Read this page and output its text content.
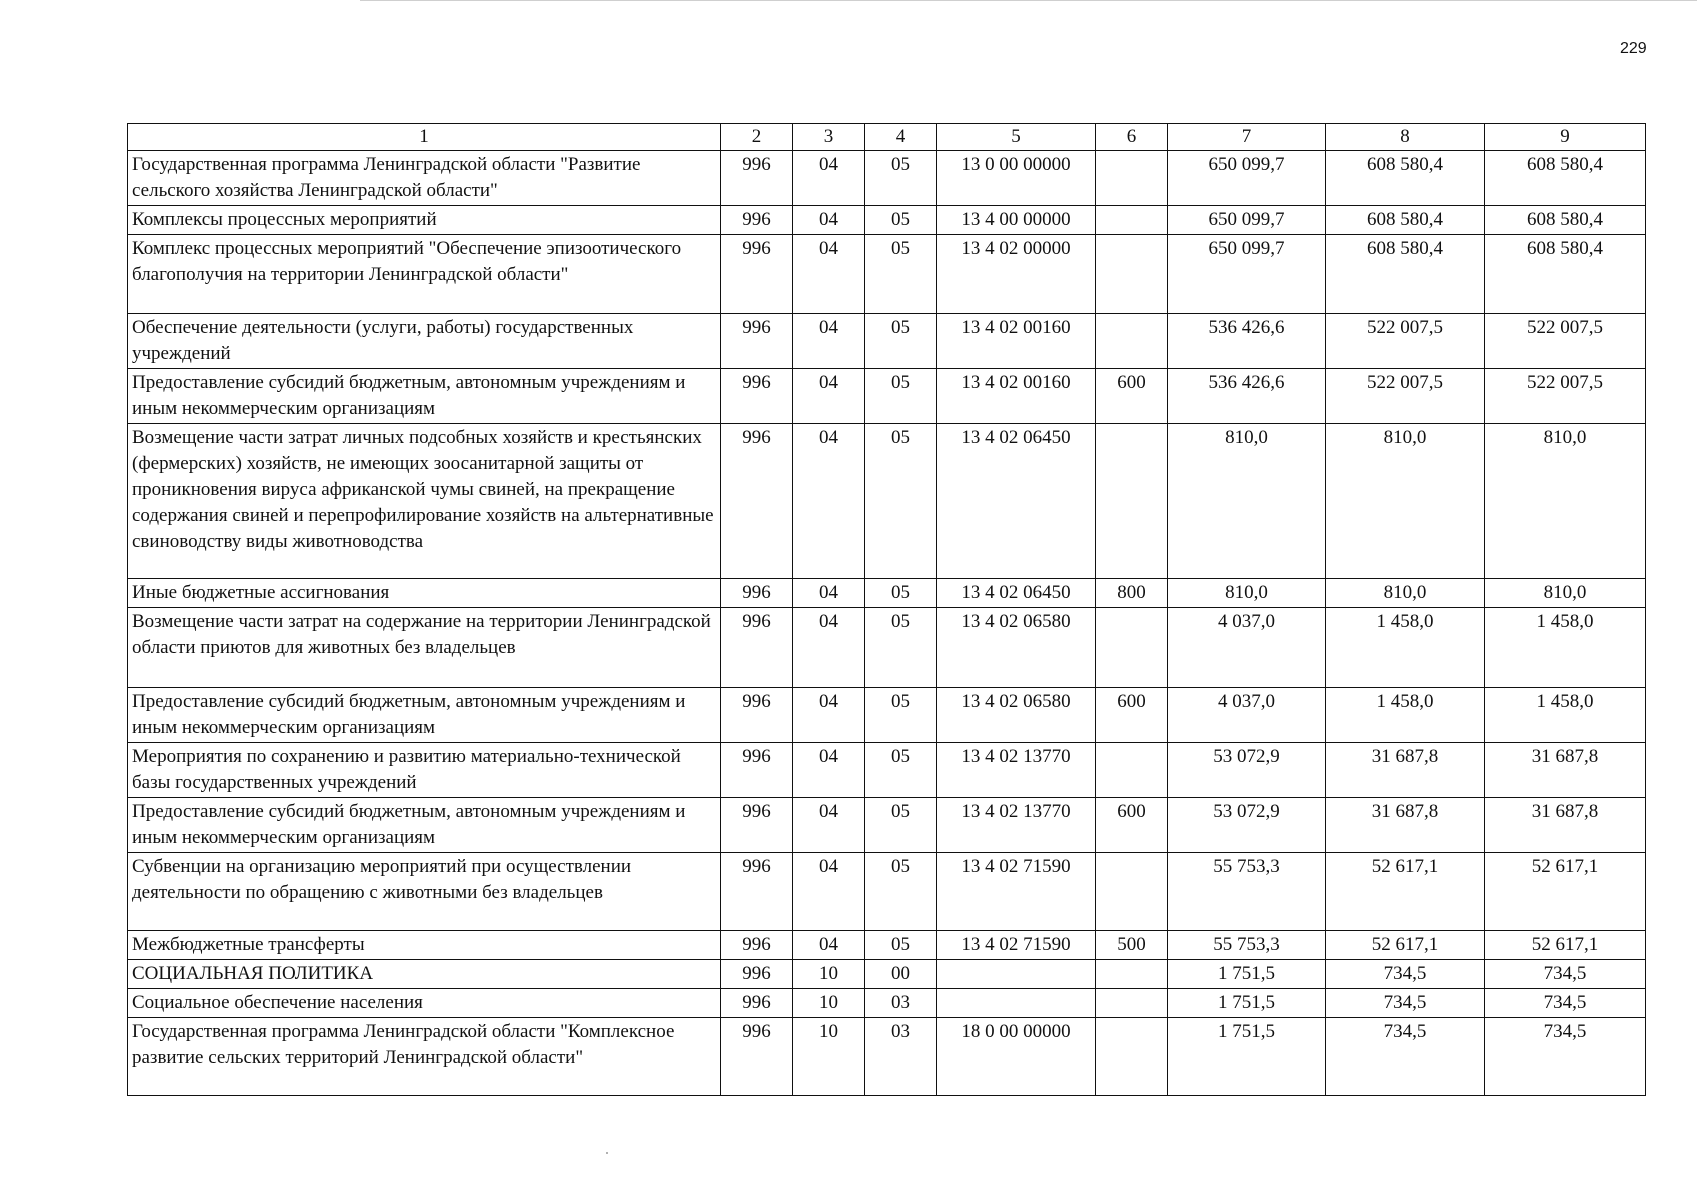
229
1	2	3	4	5	6	7	8	9
Государственная программа Ленинградской области "Развитие сельского хозяйства Ленинградской области"	996	04	05	13 0 00 00000		650 099,7	608 580,4	608 580,4
Комплексы процессных мероприятий	996	04	05	13 4 00 00000		650 099,7	608 580,4	608 580,4
Комплекс процессных мероприятий "Обеспечение эпизоотического благополучия на территории Ленинградской области"	996	04	05	13 4 02 00000		650 099,7	608 580,4	608 580,4
Обеспечение деятельности (услуги, работы) государственных учреждений	996	04	05	13 4 02 00160		536 426,6	522 007,5	522 007,5
Предоставление субсидий бюджетным, автономным учреждениям и иным некоммерческим организациям	996	04	05	13 4 02 00160	600	536 426,6	522 007,5	522 007,5
Возмещение части затрат личных подсобных хозяйств и крестьянских (фермерских) хозяйств, не имеющих зоосанитарной защиты от проникновения вируса африканской чумы свиней, на прекращение содержания свиней и перепрофилирование хозяйств на альтернативные свиноводству виды животноводства	996	04	05	13 4 02 06450		810,0	810,0	810,0
Иные бюджетные ассигнования	996	04	05	13 4 02 06450	800	810,0	810,0	810,0
Возмещение части затрат на содержание на территории Ленинградской области приютов для животных без владельцев	996	04	05	13 4 02 06580		4 037,0	1 458,0	1 458,0
Предоставление субсидий бюджетным, автономным учреждениям и иным некоммерческим организациям	996	04	05	13 4 02 06580	600	4 037,0	1 458,0	1 458,0
Мероприятия по сохранению и развитию материально-технической базы государственных учреждений	996	04	05	13 4 02 13770		53 072,9	31 687,8	31 687,8
Предоставление субсидий бюджетным, автономным учреждениям и иным некоммерческим организациям	996	04	05	13 4 02 13770	600	53 072,9	31 687,8	31 687,8
Субвенции на организацию мероприятий при осуществлении деятельности по обращению с животными без владельцев	996	04	05	13 4 02 71590		55 753,3	52 617,1	52 617,1
Межбюджетные трансферты	996	04	05	13 4 02 71590	500	55 753,3	52 617,1	52 617,1
СОЦИАЛЬНАЯ ПОЛИТИКА	996	10	00			1 751,5	734,5	734,5
Социальное обеспечение населения	996	10	03			1 751,5	734,5	734,5
Государственная программа Ленинградской области "Комплексное развитие сельских территорий Ленинградской области"	996	10	03	18 0 00 00000		1 751,5	734,5	734,5
